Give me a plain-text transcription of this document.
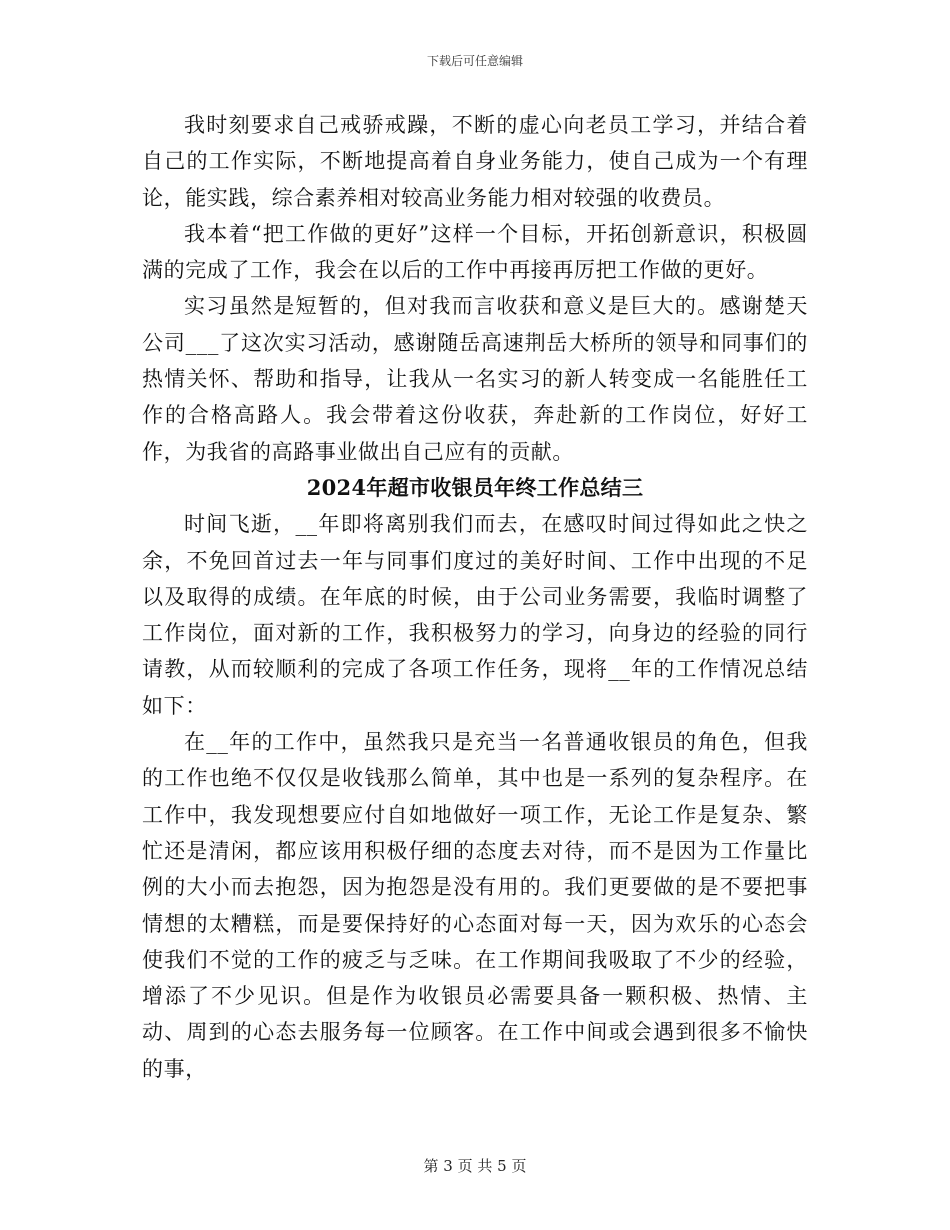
下载后可任意编辑

我时刻要求自己戒骄戒躁，不断的虚心向老员工学习，并结合着自己的工作实际，不断地提高着自身业务能力，使自己成为一个有理论，能实践，综合素养相对较高业务能力相对较强的收费员。

我本着“把工作做的更好”这样一个目标，开拓创新意识，积极圆满的完成了工作，我会在以后的工作中再接再厉把工作做的更好。

实习虽然是短暂的，但对我而言收获和意义是巨大的。感谢楚天公司___了这次实习活动，感谢随岳高速荆岳大桥所的领导和同事们的热情关怀、帮助和指导，让我从一名实习的新人转变成一名能胜任工作的合格高路人。我会带着这份收获，奔赴新的工作岗位，好好工作，为我省的高路事业做出自己应有的贡献。

2024年超市收银员年终工作总结三

时间飞逝，__年即将离别我们而去，在感叹时间过得如此之快之余，不免回首过去一年与同事们度过的美好时间、工作中出现的不足以及取得的成绩。在年底的时候，由于公司业务需要，我临时调整了工作岗位，面对新的工作，我积极努力的学习，向身边的经验的同行请教，从而较顺利的完成了各项工作任务，现将__年的工作情况总结如下：

在__年的工作中，虽然我只是充当一名普通收银员的角色，但我的工作也绝不仅仅是收钱那么简单，其中也是一系列的复杂程序。在工作中，我发现想要应付自如地做好一项工作，无论工作是复杂、繁忙还是清闲，都应该用积极仔细的态度去对待，而不是因为工作量比例的大小而去抱怨，因为抱怨是没有用的。我们更要做的是不要把事情想的太糟糕，而是要保持好的心态面对每一天，因为欢乐的心态会使我们不觉的工作的疲乏与乏味。在工作期间我吸取了不少的经验，增添了不少见识。但是作为收银员必需要具备一颗积极、热情、主动、周到的心态去服务每一位顾客。在工作中间或会遇到很多不愉快的事，

第 3 页 共 5 页
